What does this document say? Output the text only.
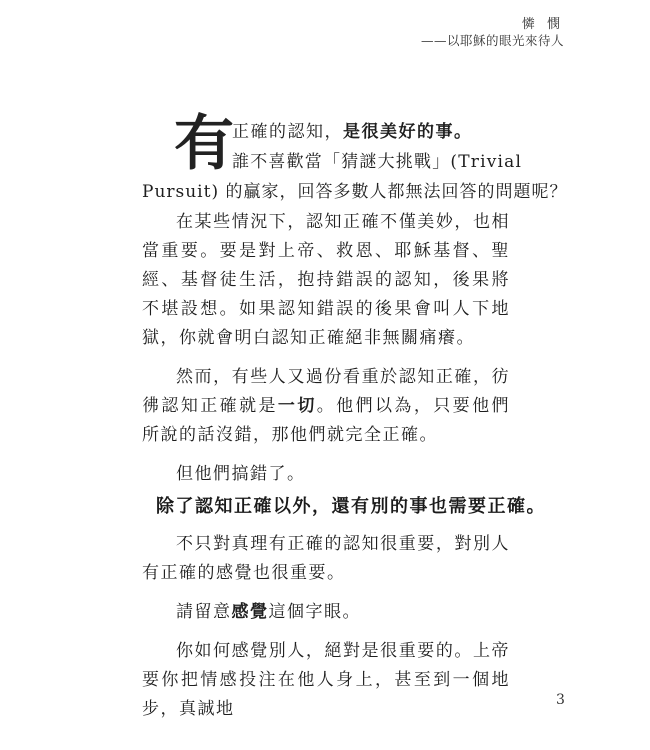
憐 憫
——以耶穌的眼光來待人
有
正確的認知，是很美好的事。
誰不喜歡當「猜謎大挑戰」(Trivial
Pursuit) 的贏家，回答多數人都無法回答的問題呢？

在某些情況下，認知正確不僅美妙，也相當重要。要是對上帝、救恩、耶穌基督、聖經、基督徒生活，抱持錯誤的認知，後果將不堪設想。如果認知錯誤的後果會叫人下地獄，你就會明白認知正確絕非無關痛癢。

然而，有些人又過份看重於認知正確，彷彿認知正確就是一切。他們以為，只要他們所說的話沒錯，那他們就完全正確。

但他們搞錯了。

除了認知正確以外，還有別的事也需要正確。

不只對真理有正確的認知很重要，對別人有正確的感覺也很重要。

請留意感覺這個字眼。

你如何感覺別人，絕對是很重要的。上帝要你把情感投注在他人身上，甚至到一個地步，真誠地	3
